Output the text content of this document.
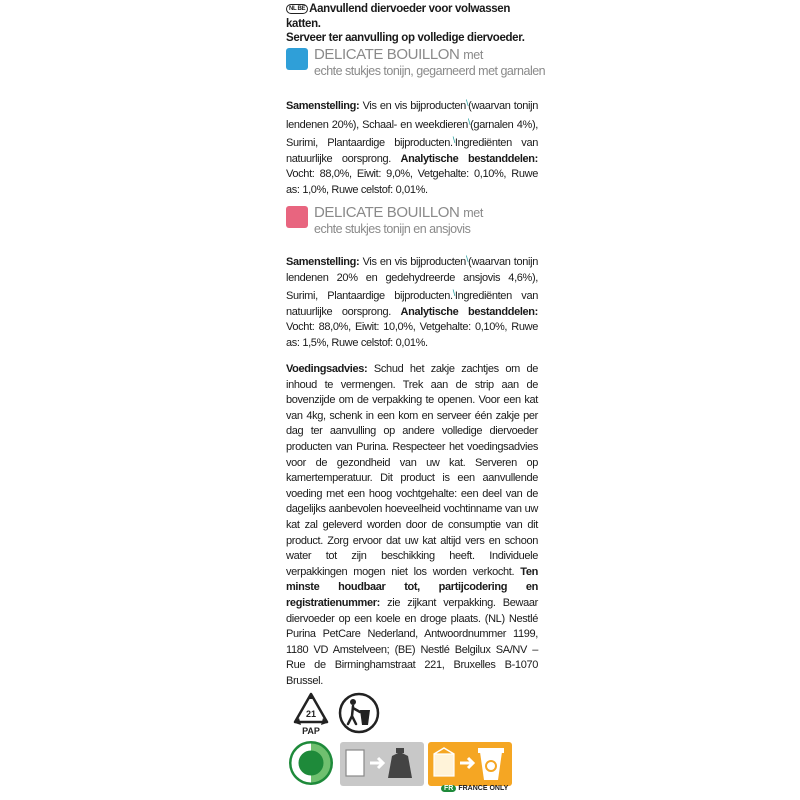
NL BE Aanvullend diervoeder voor volwassen katten.
Serveer ter aanvulling op volledige diervoeder.
DELICATE BOUILLON met
echte stukjes tonijn, gegarneerd met garnalen

Samenstelling: Vis en vis bijproducten\(waarvan tonijn lendenen 20%), Schaal- en weekdieren\(garnalen 4%), Surimi, Plantaardige bijproducten.\Ingrediënten van natuurlijke oorsprong. Analytische bestanddelen: Vocht: 88,0%, Eiwit: 9,0%, Vetgehalte: 0,10%, Ruwe as: 1,0%, Ruwe celstof: 0,01%.

DELICATE BOUILLON met
echte stukjes tonijn en ansjovis

Samenstelling: Vis en vis bijproducten\(waarvan tonijn lendenen 20% en gedehydreerde ansjovis 4,6%), Surimi, Plantaardige bijproducten.\Ingrediënten van natuurlijke oorsprong. Analytische bestanddelen: Vocht: 88,0%, Eiwit: 10,0%, Vetgehalte: 0,10%, Ruwe as: 1,5%, Ruwe celstof: 0,01%.

Voedingsadvies: Schud het zakje zachtjes om de inhoud te vermengen. Trek aan de strip aan de bovenzijde om de verpakking te openen. Voor een kat van 4kg, schenk in een kom en serveer één zakje per dag ter aanvulling op andere volledige diervoeder producten van Purina. Respecteer het voedingsadvies voor de gezondheid van uw kat. Serveren op kamertemperatuur. Dit product is een aanvullende voeding met een hoog vochtgehalte: een deel van de dagelijks aanbevolen hoeveelheid vochtinname van uw kat zal geleverd worden door de consumptie van dit product. Zorg ervoor dat uw kat altijd vers en schoon water tot zijn beschikking heeft. Individuele verpakkingen mogen niet los worden verkocht. Ten minste houdbaar tot, partijcodering en registratienummer: zie zijkant verpakking. Bewaar diervoeder op een koele en droge plaats. (NL) Nestlé Purina PetCare Nederland, Antwoordnummer 1199, 1180 VD Amstelveen; (BE) Nestlé Belgilux SA/NV – Rue de Birminghamstraat 221, Bruxelles B-1070 Brussel.

21
PAP
FR FRANCE ONLY
